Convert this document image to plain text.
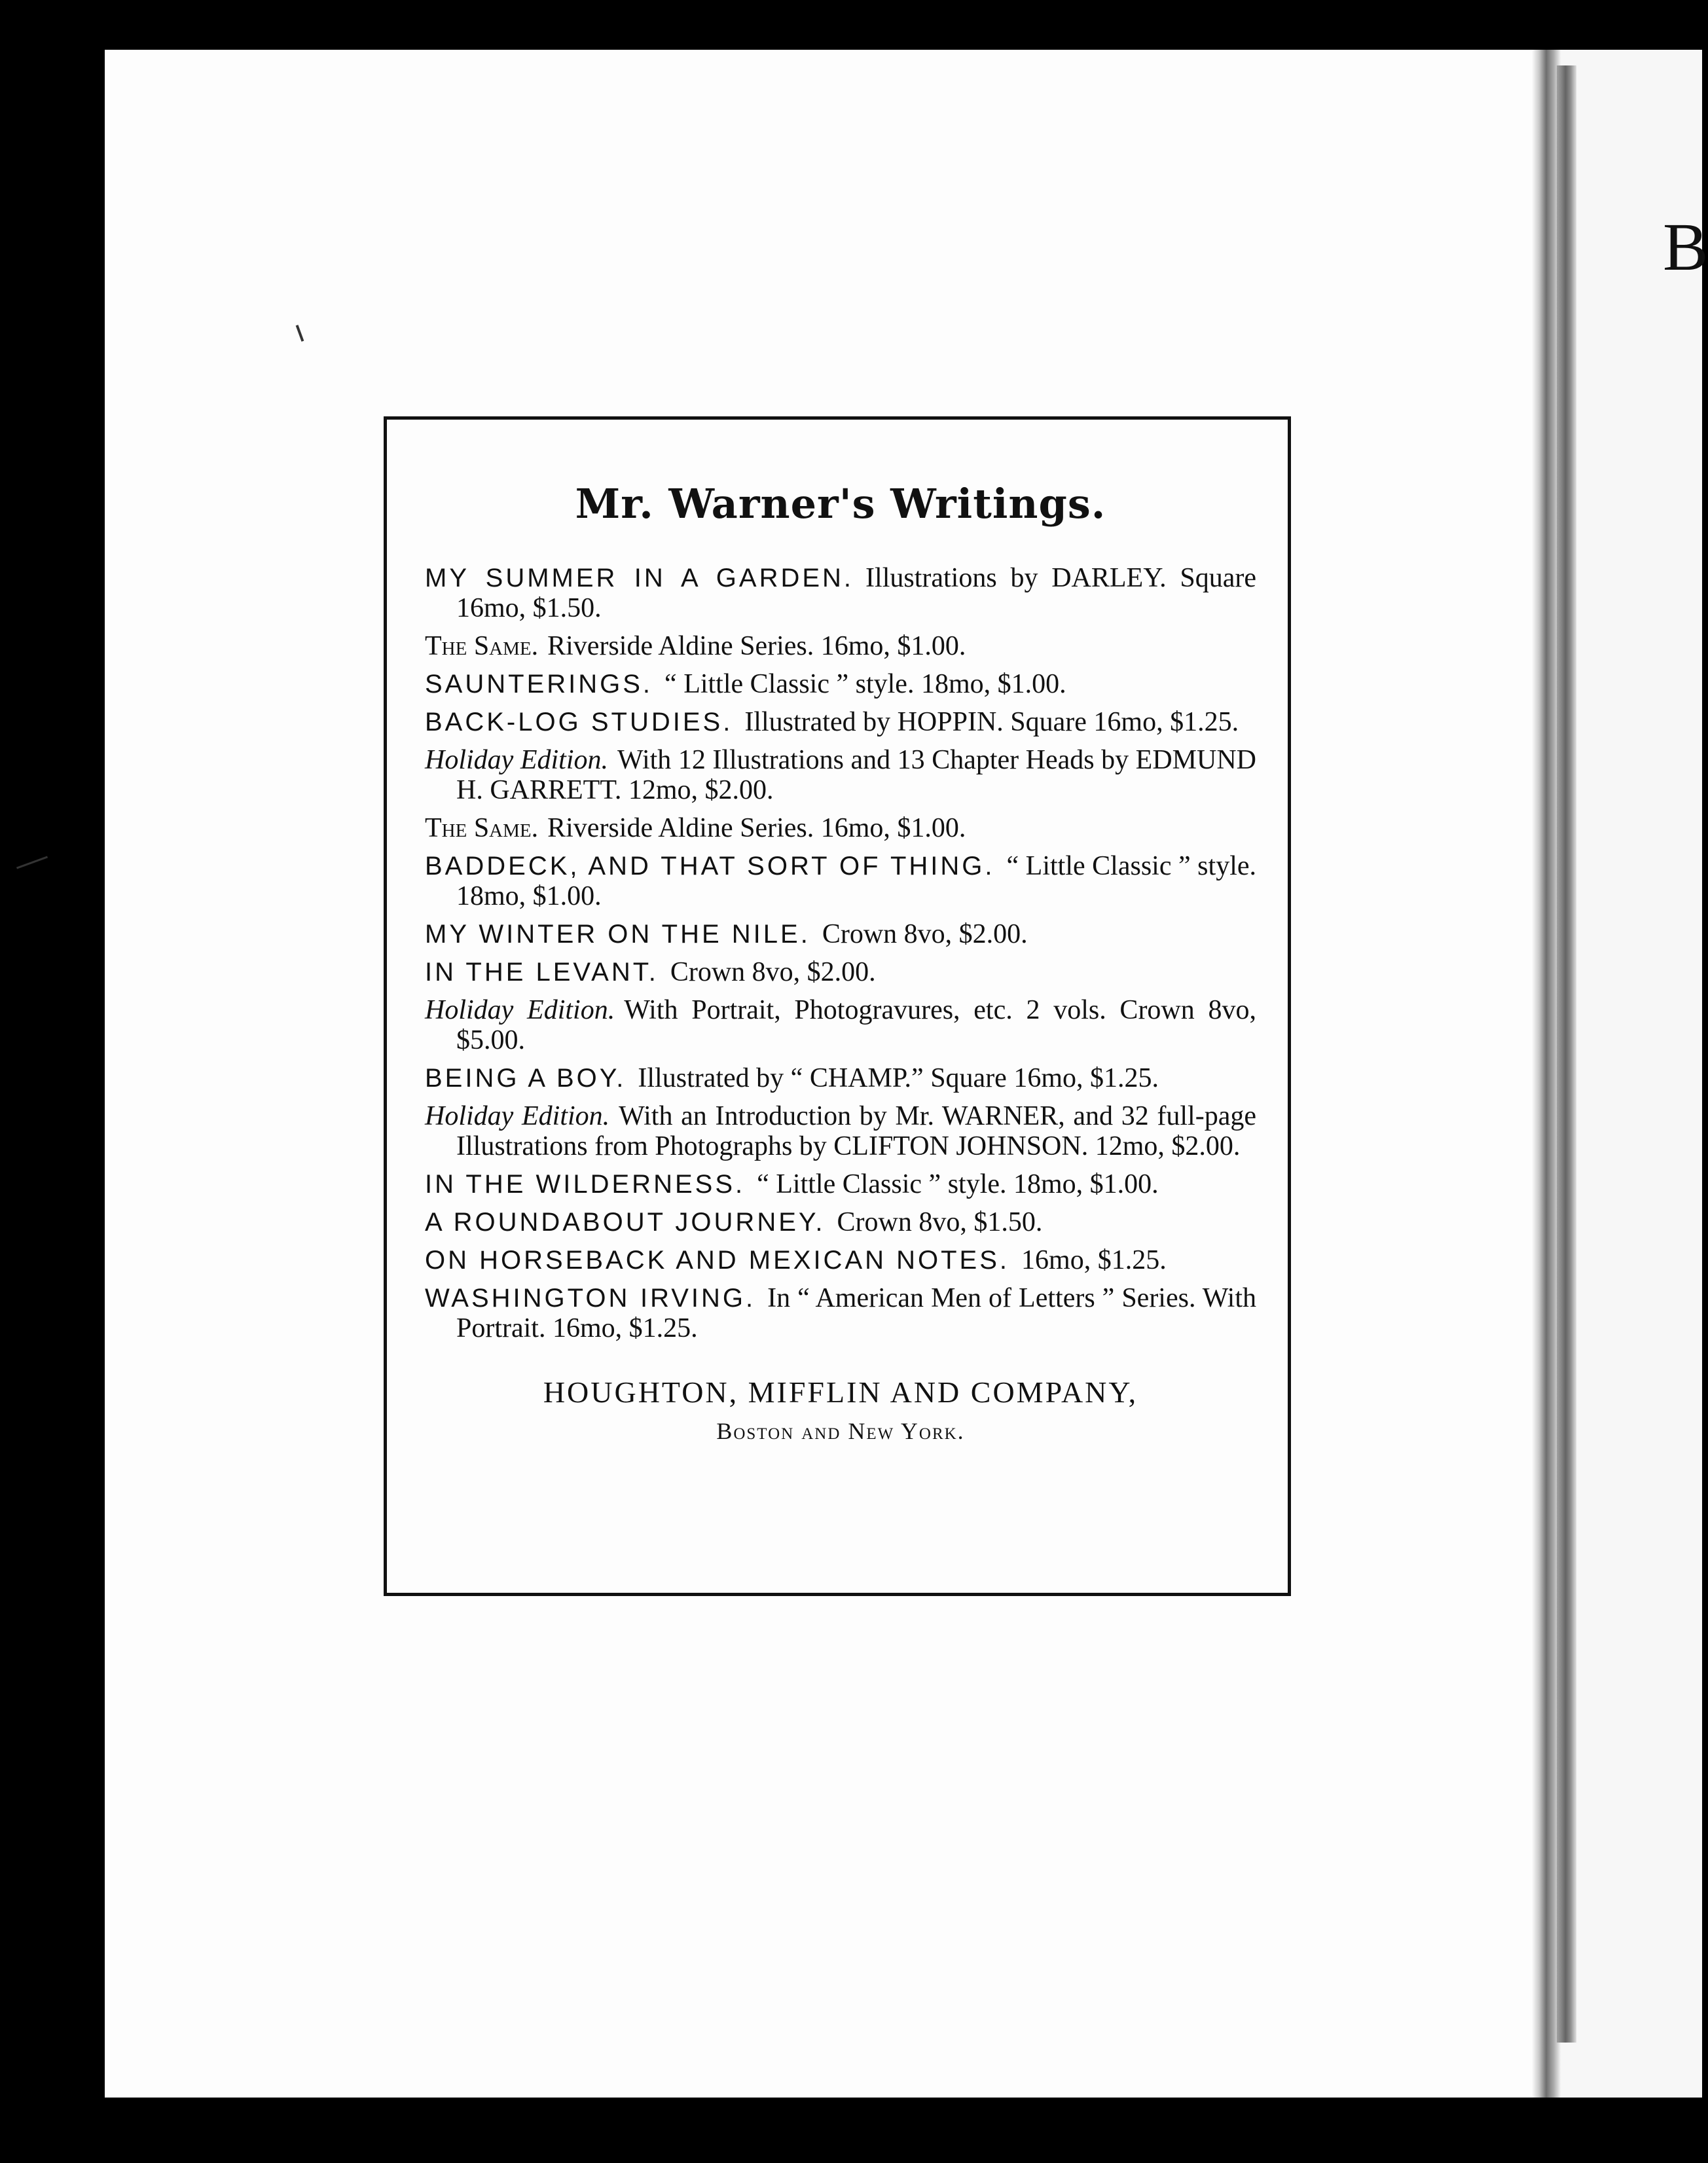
B
Mr. Warner's Writings.
MY SUMMER IN A GARDEN. Illustrations by DARLEY. Square 16mo, $1.50.
The Same. Riverside Aldine Series. 16mo, $1.00.
SAUNTERINGS. “ Little Classic ” style. 18mo, $1.00.
BACK-LOG STUDIES. Illustrated by HOPPIN. Square 16mo, $1.25.
Holiday Edition. With 12 Illustrations and 13 Chapter Heads by EDMUND H. GARRETT. 12mo, $2.00.
The Same. Riverside Aldine Series. 16mo, $1.00.
BADDECK, AND THAT SORT OF THING. “ Little Classic ” style. 18mo, $1.00.
MY WINTER ON THE NILE. Crown 8vo, $2.00.
IN THE LEVANT. Crown 8vo, $2.00.
Holiday Edition. With Portrait, Photogravures, etc. 2 vols. Crown 8vo, $5.00.
BEING A BOY. Illustrated by “ CHAMP.” Square 16mo, $1.25.
Holiday Edition. With an Introduction by Mr. WARNER, and 32 full-page Illustrations from Photographs by CLIFTON JOHNSON. 12mo, $2.00.
IN THE WILDERNESS. “ Little Classic ” style. 18mo, $1.00.
A ROUNDABOUT JOURNEY. Crown 8vo, $1.50.
ON HORSEBACK AND MEXICAN NOTES. 16mo, $1.25.
WASHINGTON IRVING. In “ American Men of Letters ” Series. With Portrait. 16mo, $1.25.
HOUGHTON, MIFFLIN AND COMPANY,
Boston and New York.
